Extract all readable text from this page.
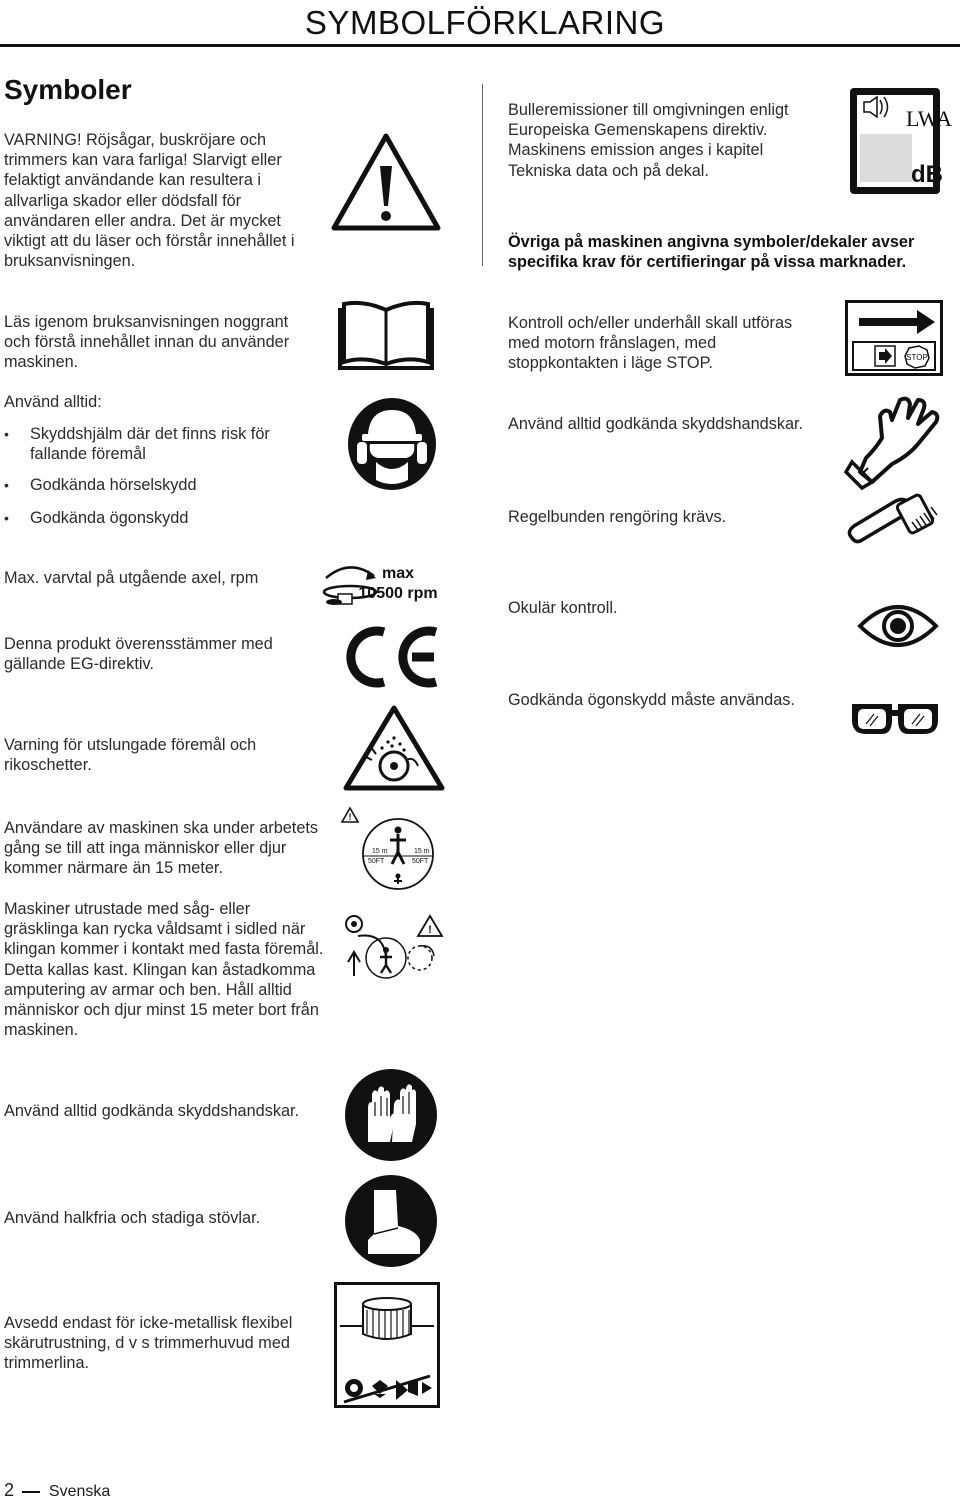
SYMBOLFÖRKLARING
Symboler
VARNING! Röjsågar, buskröjare och
trimmers kan vara farliga! Slarvigt eller
felaktigt användande kan resultera i
allvarliga skador eller dödsfall för
användaren eller andra. Det är mycket
viktigt att du läser och förstår innehållet i
bruksanvisningen.
Läs igenom bruksanvisningen noggrant
och förstå innehållet innan du använder
maskinen.
Använd alltid:
• Skyddshjälm där det finns risk för
fallande föremål
• Godkända hörselskydd
• Godkända ögonskydd
Max. varvtal på utgående axel, rpm
Denna produkt överensstämmer med
gällande EG-direktiv.
Varning för utslungade föremål och
rikoschetter.
Användare av maskinen ska under arbetets
gång se till att inga människor eller djur
kommer närmare än 15 meter.
Maskiner utrustade med såg- eller
gräsklinga kan rycka våldsamt i sidled när
klingan kommer i kontakt med fasta föremål.
Detta kallas kast. Klingan kan åstadkomma
amputering av armar och ben. Håll alltid
människor och djur minst 15 meter bort från
maskinen.
Använd alltid godkända skyddshandskar.
Använd halkfria och stadiga stövlar.
Avsedd endast för icke-metallisk flexibel
skärutrustning, d v s trimmerhuvud med
trimmerlina.
Bulleremissioner till omgivningen enligt
Europeiska Gemenskapens direktiv.
Maskinens emission anges i kapitel
Tekniska data och på dekal.
Övriga på maskinen angivna symboler/dekaler avser
specifika krav för certifieringar på vissa marknader.
Kontroll och/eller underhåll skall utföras
med motorn frånslagen, med
stoppkontakten i läge STOP.
Använd alltid godkända skyddshandskar.
Regelbunden rengöring krävs.
Okulär kontroll.
Godkända ögonskydd måste användas.
LWA
dB
STOP
max
10500 rpm
!
15 m
50FT
15 m
50FT
!
2 Svenska
